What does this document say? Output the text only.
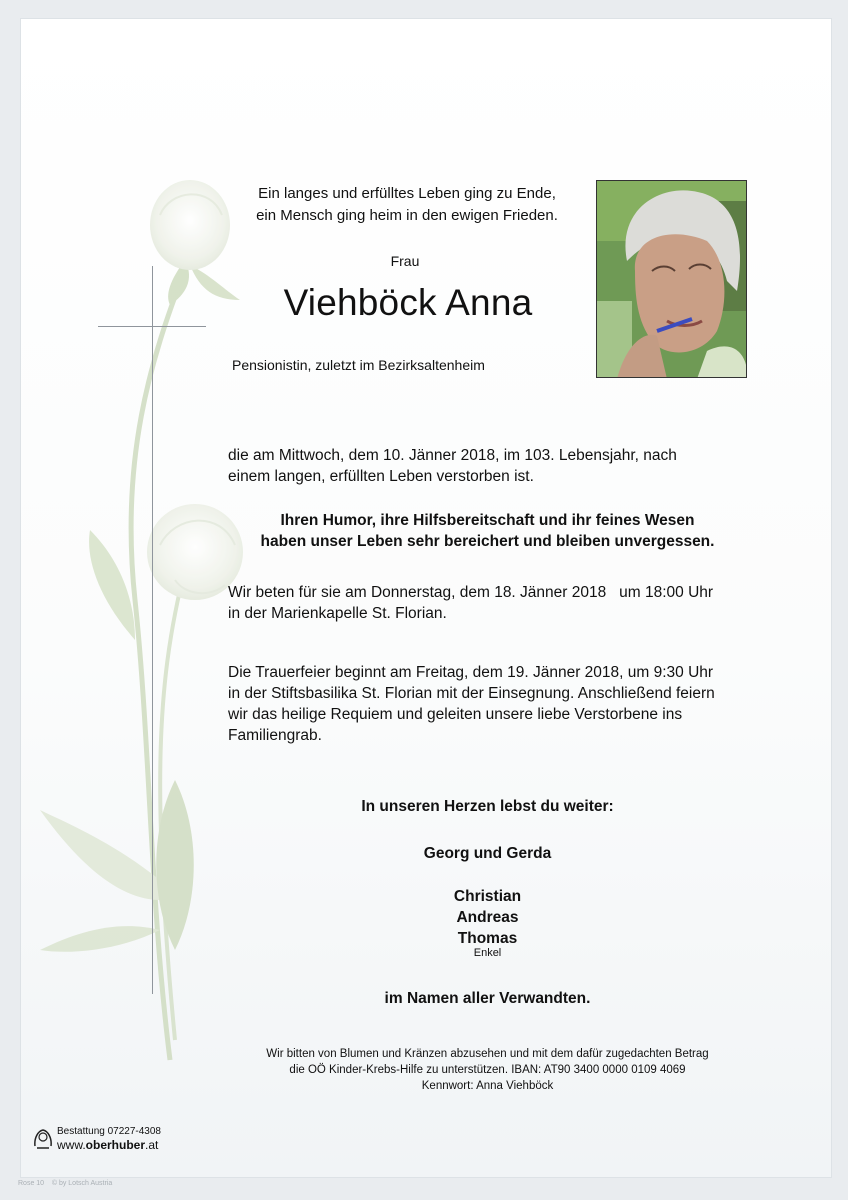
Ein langes und erfülltes Leben ging zu Ende,
ein Mensch ging heim in den ewigen Frieden.
Frau
Viehböck Anna
Pensionistin, zuletzt im Bezirksaltenheim
die am Mittwoch, dem 10. Jänner 2018, im 103. Lebensjahr, nach
einem langen, erfüllten Leben verstorben ist.
Ihren Humor, ihre Hilfsbereitschaft und ihr feines Wesen
haben unser Leben sehr bereichert und bleiben unvergessen.
Wir beten für sie am Donnerstag, dem 18. Jänner 2018   um 18:00 Uhr
in der Marienkapelle St. Florian.
Die Trauerfeier beginnt am Freitag, dem 19. Jänner 2018, um 9:30 Uhr
in der Stiftsbasilika St. Florian mit der Einsegnung. Anschließend feiern
wir das heilige Requiem und geleiten unsere liebe Verstorbene ins
Familiengrab.
In unseren Herzen lebst du weiter:
Georg und Gerda
Christian
Andreas
Thomas
Enkel
im Namen aller Verwandten.
Wir bitten von Blumen und Kränzen abzusehen und mit dem dafür zugedachten Betrag
die OÖ Kinder-Krebs-Hilfe zu unterstützen. IBAN: AT90 3400 0000 0109 4069
Kennwort: Anna Viehböck
Bestattung 07227-4308
www.oberhuber.at
Rose 10    © by Lotsch Austria
